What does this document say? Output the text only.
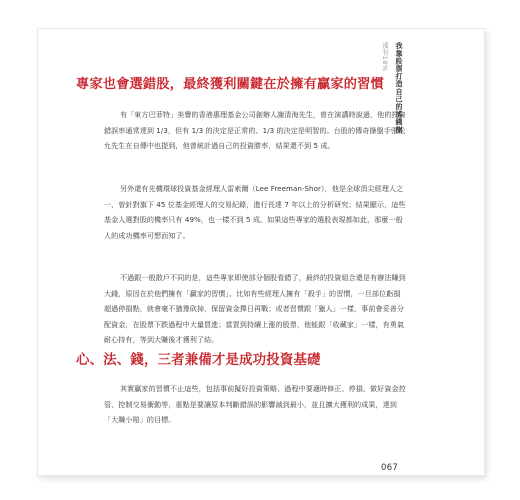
漲有18% 我靠股票打造自己的搖錢樹
專家也會選錯股，最終獲利關鍵在於擁有贏家的習慣

有「東方巴菲特」美譽的香港惠理基金公司創辦人謝清海先生，曾在演講時說過，他的投資錯誤率通常達到 1/3，但有 1/3 的決定是正常的、1/3 的決定是明智的。台股的傳奇操盤手張松允先生在自傳中也提到，他曾統計過自己的投資勝率，結果還不到 5 成。

另外還有先機環球投資基金經理人雷索爾（Lee Freeman-Shor），他是全球頂尖經理人之一，曾針對旗下 45 位基金經理人的交易紀錄，進行長達 7 年以上的分析研究；結果顯示，這些基金人選對股的機率只有 49%，也一樣不到 5 成。如果這些專家的選股表現都如此，那麼一般人的成功機率可想而知了。

不過跟一般散戶不同的是，這些專家即使部分個股看錯了，最終的投資組合還是有辦法賺到大錢，原因在於他們擁有「贏家的習慣」。比如有些經理人擁有「殺手」的習慣，一旦部位虧損超過停損點，就會毫不猶豫砍掉，保留資金擇日再戰；或者習慣跟「獵人」一樣，事前會妥善分配資金，在股票下跌過程中大量買進；當買到持續上漲的股票，他能跟「收藏家」一樣，有勇氣耐心持有，等到大賺後才獲利了結。

心、法、錢，三者兼備才是成功投資基礎

其實贏家的習慣不止這些，包括事前擬好投資策略、過程中要適時修正、停損、做好資金控管、控制交易衝動等，重點是要讓原本判斷錯誤的影響減到最小，並且擴大獲利的成果，達到「大賺小賠」的目標。

067
